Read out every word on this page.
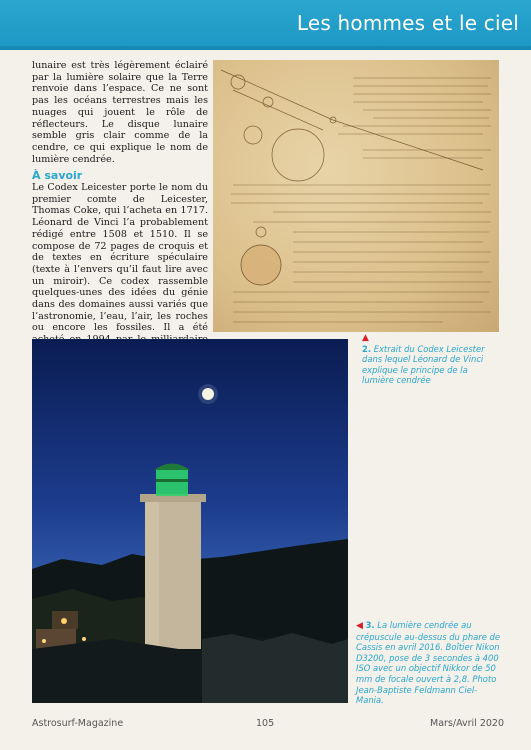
Les hommes et le ciel

lunaire est très légèrement éclairé par la lumière solaire que la Terre renvoie dans l’espace. Ce ne sont pas les océans terrestres mais les nuages qui jouent le rôle de réflecteurs. Le disque lunaire semble gris clair comme de la cendre, ce qui explique le nom de lumière cendrée.

À savoir

Le Codex Leicester porte le nom du premier comte de Leicester, Thomas Coke, qui l’acheta en 1717. Léonard de Vinci l’a probablement rédigé entre 1508 et 1510. Il se compose de 72 pages de croquis et de textes en écriture spéculaire (texte à l’envers qu’il faut lire avec un miroir). Ce codex rassemble quelques-unes des idées du génie dans des domaines aussi variés que l’astronomie, l’eau, l’air, les roches ou encore les fossiles. Il a été

▲
2. Extrait du Codex Leicester dans lequel Léonard de Vinci explique le principe de la lumière cendrée
◀ 3. La lumière cendrée au crépuscule au-dessus du phare de Cassis en avril 2016. Boîtier Nikon D3200, pose de 3 secondes à 400 ISO avec un objectif Nikkor de 50 mm de focale ouvert à 2,8. Photo Jean-Baptiste Feldmann Ciel-Mania.
Astrosurf-Magazine	105	Mars/Avril 2020
